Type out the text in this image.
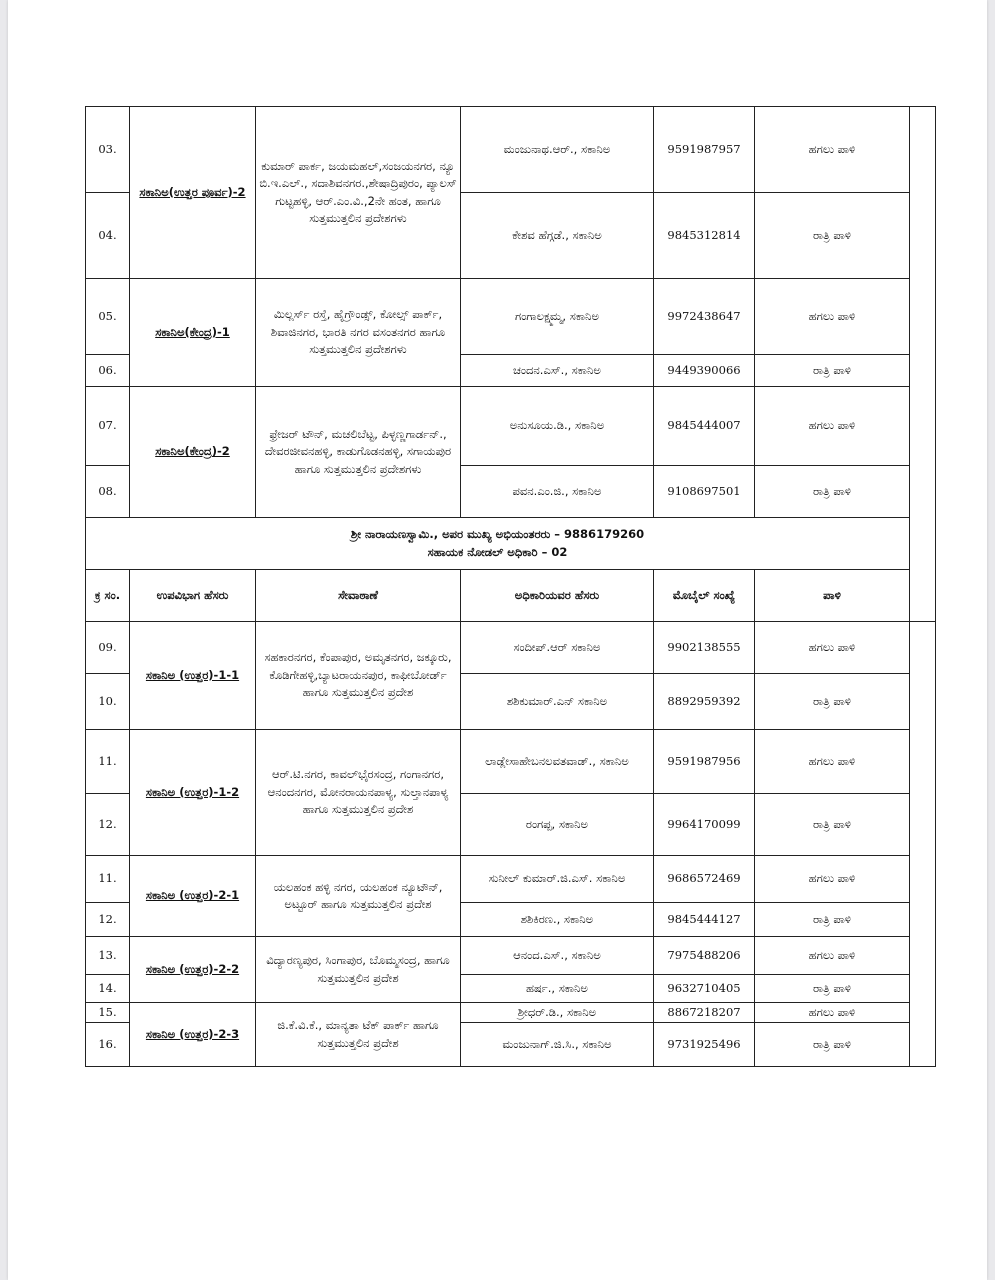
03.	ಸಕಾನಿಅ(ಉತ್ತರ ಪೂರ್ವ)-2	ಕುಮಾರ್ ಪಾರ್ಕ, ಜಯಮಹಲ್,ಸಂಜಯನಗರ, ನ್ಯೂ ಬಿ.ಇ.ಎಲ್., ಸದಾಶಿವನಗರ.,ಶೇಷಾದ್ರಿಪುರಂ, ಪ್ಯಾಲಸ್ ಗುಟ್ಟಹಳ್ಳಿ, ಆರ್.ಎಂ.ವಿ.,2ನೇ ಹಂತ, ಹಾಗೂ ಸುತ್ತಮುತ್ತಲಿನ ಪ್ರದೇಶಗಳು	ಮಂಜುನಾಥ.ಆರ್., ಸಕಾನಿಅ	9591987957	ಹಗಲು ಪಾಳಿ	
04.			ಕೇಶವ ಹೆಗ್ಗಡೆ., ಸಕಾನಿಅ	9845312814	ರಾತ್ರಿ ಪಾಳಿ	
05.	ಸಕಾನಿಅ(ಕೇಂದ್ರ)-1	ಮಿಲ್ಲರ್ಸ್ ರಸ್ತೆ, ಹೈಗ್ರೌಂಡ್ಸ್, ಕೋಲ್ಸ್ ಪಾರ್ಕ್, ಶಿವಾಜಿನಗರ, ಭಾರತಿ ನಗರ ವಸಂತನಗರ ಹಾಗೂ ಸುತ್ತಮುತ್ತಲಿನ ಪ್ರದೇಶಗಳು	ಗಂಗಾಲಕ್ಷ್ಮಮ್ಮ, ಸಕಾನಿಅ	9972438647	ಹಗಲು ಪಾಳಿ	
06.			ಚಂದನ.ಎಸ್., ಸಕಾನಿಅ	9449390066	ರಾತ್ರಿ ಪಾಳಿ	
07.	ಸಕಾನಿಅ(ಕೇಂದ್ರ)-2	ಫ್ರೇಜರ್ ಟೌನ್, ಮಚಲಿಬೆಟ್ಟ, ಪಿಳ್ಳಣ್ಣಗಾರ್ಡನ್., ದೇವರಜೀವನಹಳ್ಳಿ, ಕಾಡುಗೊಡನಹಳ್ಳಿ, ಸಗಾಯಪುರ ಹಾಗೂ ಸುತ್ತಮುತ್ತಲಿನ ಪ್ರದೇಶಗಳು	ಅನುಸೂಯ.ಡಿ., ಸಕಾನಿಅ	9845444007	ಹಗಲು ಪಾಳಿ	
08.			ಪವನ.ಎಂ.ಜಿ., ಸಕಾನಿಅ	9108697501	ರಾತ್ರಿ ಪಾಳಿ	

ಶ್ರೀ ನಾರಾಯಣಸ್ವಾಮಿ., ಅಪರ ಮುಖ್ಯ ಅಭಿಯಂತರರು – 9886179260
ಸಹಾಯಕ ನೋಡಲ್ ಅಧಿಕಾರಿ – 02						

ಕ್ರ ಸಂ.	ಉಪವಿಭಾಗ ಹೆಸರು	ಸೇವಾಠಾಣೆ	ಅಧಿಕಾರಿಯವರ ಹೆಸರು	ಮೊಬೈಲ್ ಸಂಖ್ಯೆ	ಪಾಳಿ	
09.	ಸಕಾನಿಅ (ಉತ್ತರ)-1-1	ಸಹಕಾರನಗರ, ಕೆಂಪಾಪುರ, ಅಮೃತನಗರ, ಜಕ್ಕೂರು, ಕೊಡಿಗೇಹಳ್ಳಿ,ಬ್ಯಾಟರಾಯನಪುರ, ಕಾಫೀಬೋರ್ಡ್ ಹಾಗೂ ಸುತ್ತಮುತ್ತಲಿನ ಪ್ರದೇಶ	ಸಂದೀಪ್.ಆರ್ ಸಕಾನಿಅ	9902138555	ಹಗಲು ಪಾಳಿ	
10.			ಶಶಿಕುಮಾರ್.ಎನ್ ಸಕಾನಿಅ	8892959392	ರಾತ್ರಿ ಪಾಳಿ	
11.	ಸಕಾನಿಅ (ಉತ್ತರ)-1-2	ಆರ್.ಟಿ.ನಗರ, ಕಾವಲ್‌ಭೈರಸಂದ್ರ, ಗಂಗಾನಗರ, ಆನಂದನಗರ, ಮೋನರಾಯನಪಾಳ್ಯ, ಸುಲ್ತಾನಪಾಳ್ಯ ಹಾಗೂ ಸುತ್ತಮುತ್ತಲಿನ ಪ್ರದೇಶ	ಲಾಡ್ಲೇಸಾಹೇಬನಲವತವಾಡ್., ಸಕಾನಿಅ	9591987956	ಹಗಲು ಪಾಳಿ	
12.			ರಂಗಪ್ಪ, ಸಕಾನಿಅ	9964170099	ರಾತ್ರಿ ಪಾಳಿ	
11.	ಸಕಾನಿಅ (ಉತ್ತರ)-2-1	ಯಲಹಂಕ ಹಳ್ಳಿ ನಗರ, ಯಲಹಂಕ ನ್ಯೂಟೌನ್, ಅಟ್ಟೂರ್ ಹಾಗೂ ಸುತ್ತಮುತ್ತಲಿನ ಪ್ರದೇಶ	ಸುನೀಲ್ ಕುಮಾರ್.ಜಿ.ಎಸ್. ಸಕಾನಿಅ	9686572469	ಹಗಲು ಪಾಳಿ	
12.			ಶಶಿಕಿರಣ., ಸಕಾನಿಅ	9845444127	ರಾತ್ರಿ ಪಾಳಿ	
13.	ಸಕಾನಿಅ (ಉತ್ತರ)-2-2	ವಿದ್ಯಾರಣ್ಯಪುರ, ಸಿಂಗಾಪುರ, ಬೊಮ್ಮಸಂದ್ರ, ಹಾಗೂ ಸುತ್ತಮುತ್ತಲಿನ ಪ್ರದೇಶ	ಆನಂದ.ಎಸ್., ಸಕಾನಿಅ	7975488206	ಹಗಲು ಪಾಳಿ	
14.			ಹರ್ಷ., ಸಕಾನಿಅ	9632710405	ರಾತ್ರಿ ಪಾಳಿ	
15.	ಸಕಾನಿಅ (ಉತ್ತರ)-2-3	ಜಿ.ಕೆ.ವಿ.ಕೆ., ಮಾನ್ಯತಾ ಟೆಕ್ ಪಾರ್ಕ್ ಹಾಗೂ ಸುತ್ತಮುತ್ತಲಿನ ಪ್ರದೇಶ	ಶ್ರೀಧರ್.ಡಿ., ಸಕಾನಿಅ	8867218207	ಹಗಲು ಪಾಳಿ	
16.			ಮಂಜುನಾಗ್.ಜಿ.ಸಿ., ಸಕಾನಿಅ	9731925496	ರಾತ್ರಿ ಪಾಳಿ	
